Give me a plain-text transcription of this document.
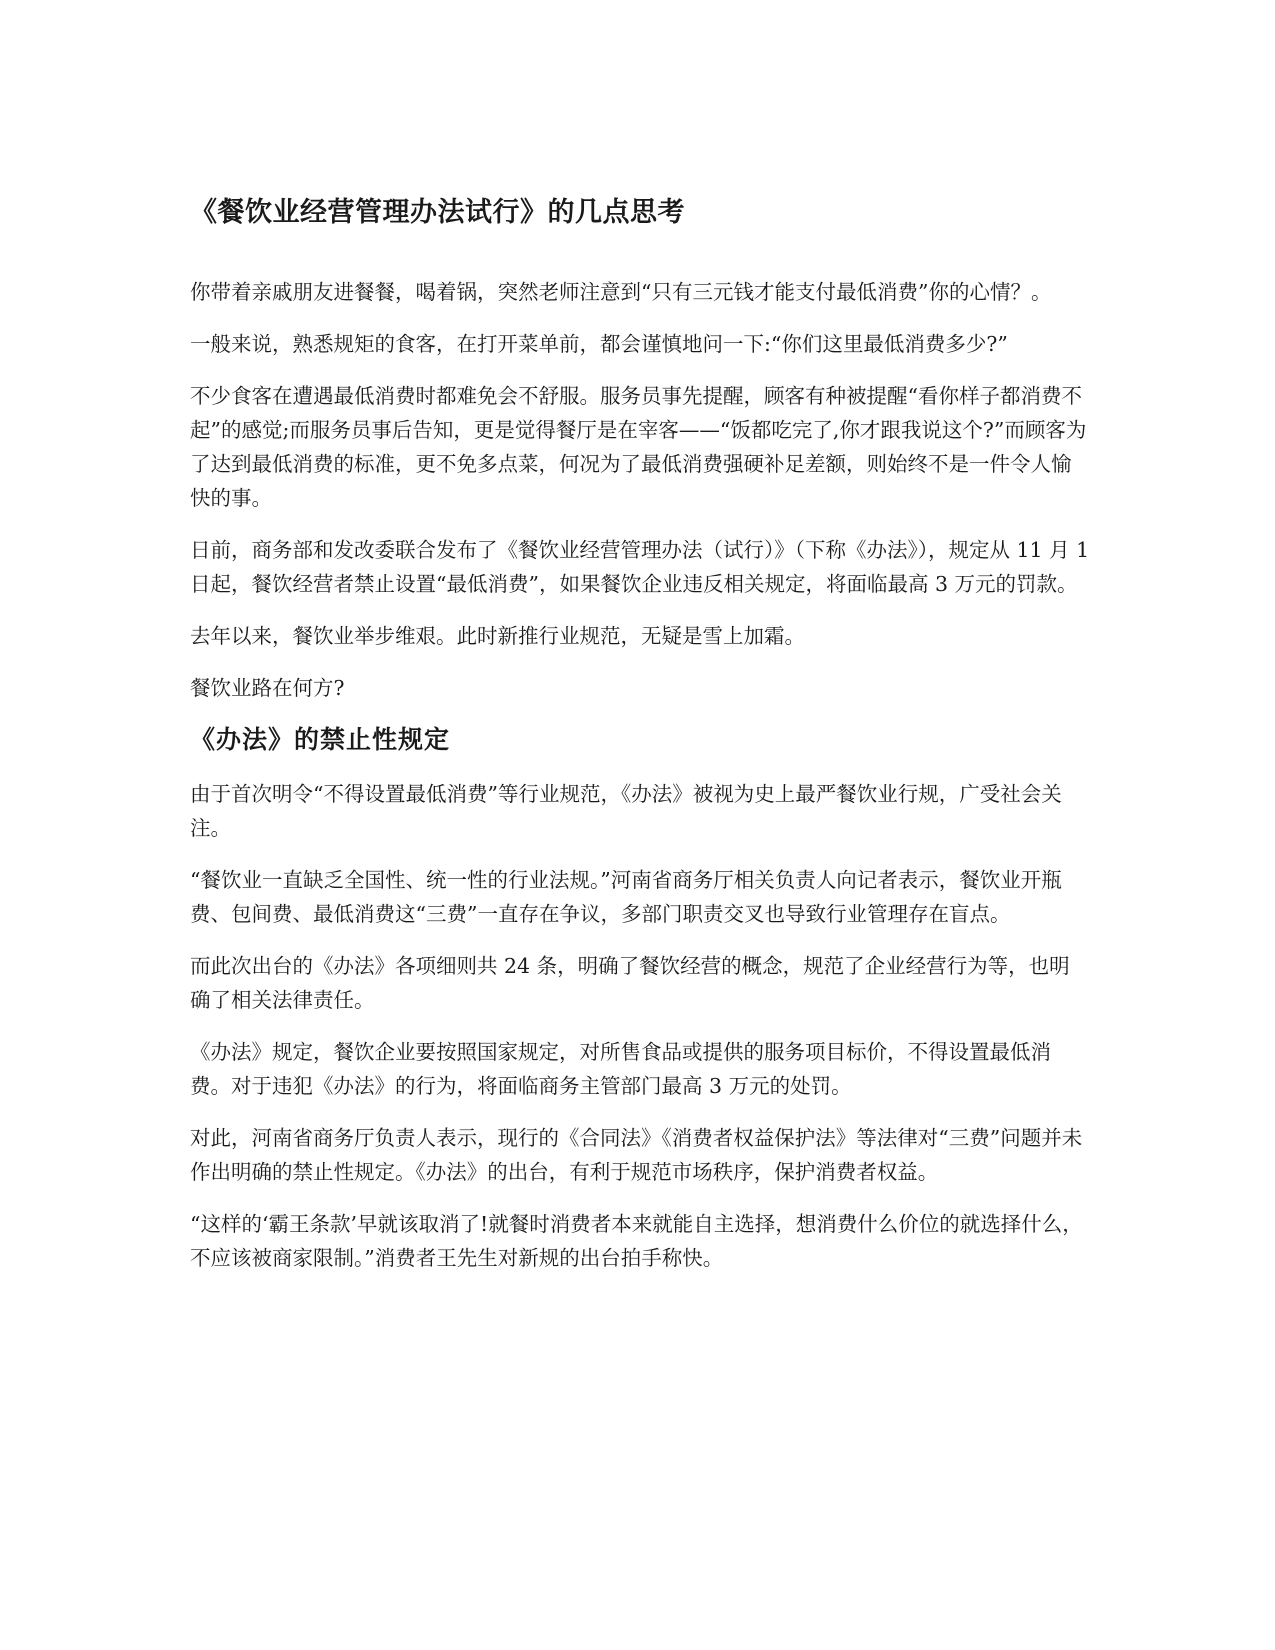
《餐饮业经营管理办法试行》的几点思考

你带着亲戚朋友进餐餐，喝着锅，突然老师注意到“只有三元钱才能支付最低消费”你的心情？。

一般来说，熟悉规矩的食客，在打开菜单前，都会谨慎地问一下:“你们这里最低消费多少?”

不少食客在遭遇最低消费时都难免会不舒服。服务员事先提醒，顾客有种被提醒“看你样子都消费不起”的感觉;而服务员事后告知，更是觉得餐厅是在宰客——“饭都吃完了,你才跟我说这个?”而顾客为了达到最低消费的标准，更不免多点菜，何况为了最低消费强硬补足差额，则始终不是一件令人愉快的事。

日前，商务部和发改委联合发布了《餐饮业经营管理办法（试行）》（下称《办法》），规定从 11 月 1 日起，餐饮经营者禁止设置“最低消费”，如果餐饮企业违反相关规定，将面临最高 3 万元的罚款。

去年以来，餐饮业举步维艰。此时新推行业规范，无疑是雪上加霜。

餐饮业路在何方?

《办法》的禁止性规定

由于首次明令“不得设置最低消费”等行业规范，《办法》被视为史上最严餐饮业行规，广受社会关注。

“餐饮业一直缺乏全国性、统一性的行业法规。”河南省商务厅相关负责人向记者表示，餐饮业开瓶费、包间费、最低消费这“三费”一直存在争议，多部门职责交叉也导致行业管理存在盲点。

而此次出台的《办法》各项细则共 24 条，明确了餐饮经营的概念，规范了企业经营行为等，也明确了相关法律责任。

《办法》规定，餐饮企业要按照国家规定，对所售食品或提供的服务项目标价，不得设置最低消费。对于违犯《办法》的行为，将面临商务主管部门最高 3 万元的处罚。

对此，河南省商务厅负责人表示，现行的《合同法》《消费者权益保护法》等法律对“三费”问题并未作出明确的禁止性规定。《办法》的出台，有利于规范市场秩序，保护消费者权益。

“这样的‘霸王条款’早就该取消了!就餐时消费者本来就能自主选择，想消费什么价位的就选择什么，不应该被商家限制。”消费者王先生对新规的出台拍手称快。
